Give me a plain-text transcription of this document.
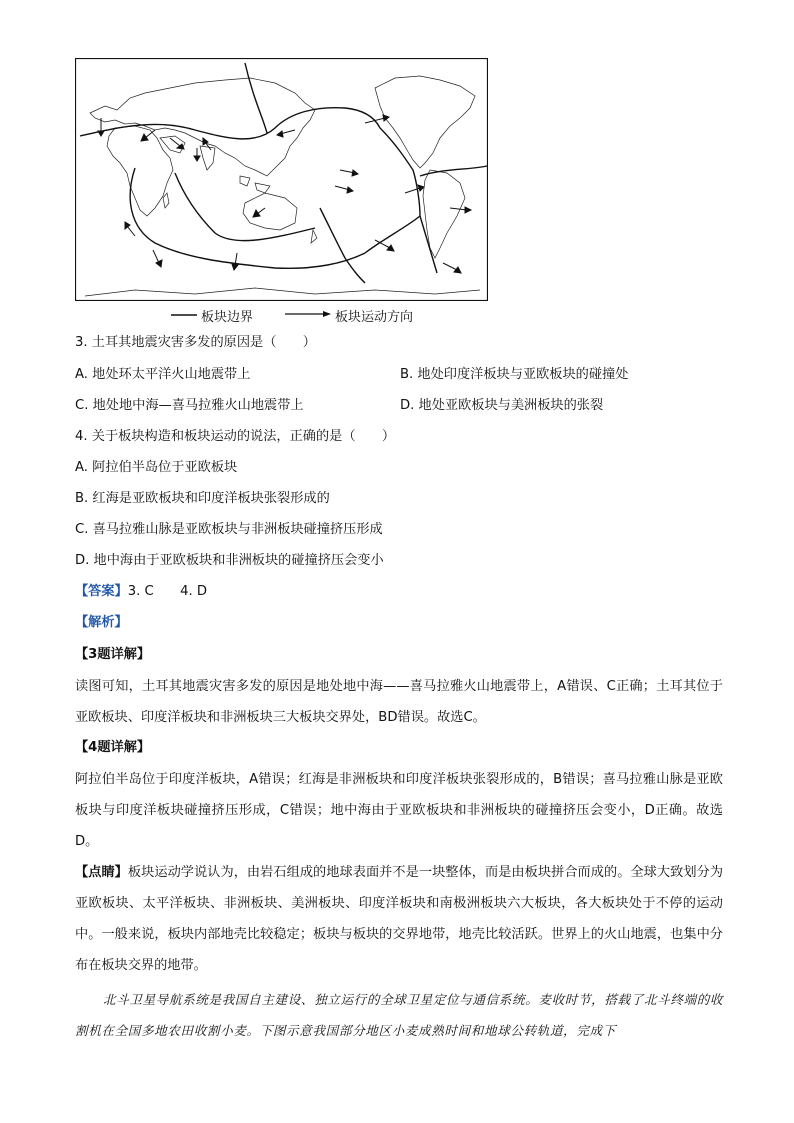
板块边界	板块运动方向
3. 土耳其地震灾害多发的原因是（　　）
A. 地处环太平洋火山地震带上	B. 地处印度洋板块与亚欧板块的碰撞处
C. 地处地中海—喜马拉雅火山地震带上	D. 地处亚欧板块与美洲板块的张裂
4. 关于板块构造和板块运动的说法，正确的是（　　）
A. 阿拉伯半岛位于亚欧板块
B. 红海是亚欧板块和印度洋板块张裂形成的
C. 喜马拉雅山脉是亚欧板块与非洲板块碰撞挤压形成
D. 地中海由于亚欧板块和非洲板块的碰撞挤压会变小
【答案】3. C　　4. D
【解析】
【3题详解】
读图可知，土耳其地震灾害多发的原因是地处地中海——喜马拉雅火山地震带上，A错误、C正确；土耳其位于亚欧板块、印度洋板块和非洲板块三大板块交界处，BD错误。故选C。
【4题详解】
阿拉伯半岛位于印度洋板块，A错误；红海是非洲板块和印度洋板块张裂形成的，B错误；喜马拉雅山脉是亚欧板块与印度洋板块碰撞挤压形成，C错误；地中海由于亚欧板块和非洲板块的碰撞挤压会变小，D正确。故选D。
【点睛】板块运动学说认为，由岩石组成的地球表面并不是一块整体，而是由板块拼合而成的。全球大致划分为亚欧板块、太平洋板块、非洲板块、美洲板块、印度洋板块和南极洲板块六大板块，各大板块处于不停的运动中。一般来说，板块内部地壳比较稳定；板块与板块的交界地带，地壳比较活跃。世界上的火山地震，也集中分布在板块交界的地带。
北斗卫星导航系统是我国自主建设、独立运行的全球卫星定位与通信系统。麦收时节，搭载了北斗终端的收割机在全国多地农田收割小麦。下图示意我国部分地区小麦成熟时间和地球公转轨道，完成下
